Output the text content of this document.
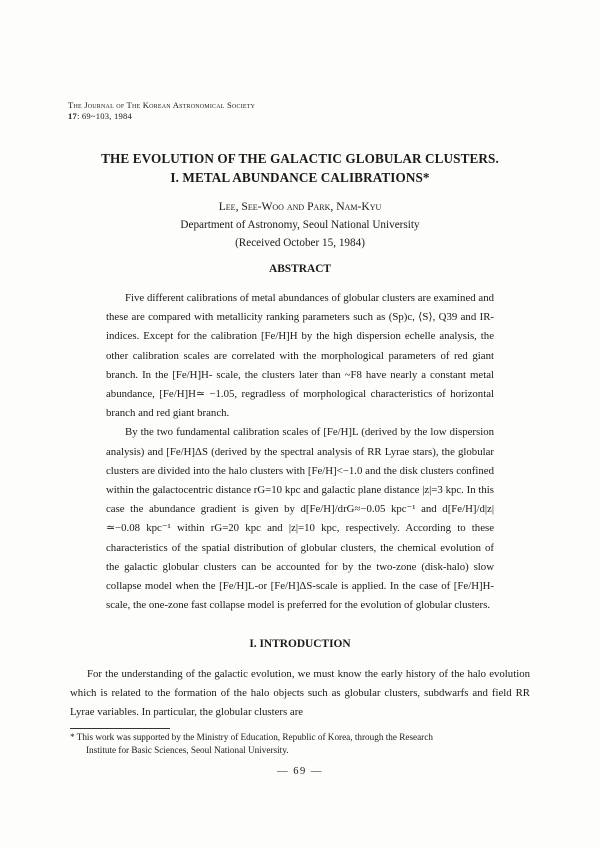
The Journal of The Korean Astronomical Society
17: 69~103, 1984
THE EVOLUTION OF THE GALACTIC GLOBULAR CLUSTERS.
I. METAL ABUNDANCE CALIBRATIONS*
Lee, See-Woo and Park, Nam-Kyu
Department of Astronomy, Seoul National University
(Received October 15, 1984)
ABSTRACT

Five different calibrations of metal abundances of globular clusters are examined and these are compared with metallicity ranking parameters such as (Sp)c, ⟨S⟩, Q39 and IR-indices. Except for the calibration [Fe/H]H by the high dispersion echelle analysis, the other calibration scales are correlated with the morphological parameters of red giant branch. In the [Fe/H]H- scale, the clusters later than ~F8 have nearly a constant metal abundance, [Fe/H]H≃ −1.05, regradless of morphological characteristics of horizontal branch and red giant branch.

By the two fundamental calibration scales of [Fe/H]L (derived by the low dispersion analysis) and [Fe/H]ΔS (derived by the spectral analysis of RR Lyrae stars), the globular clusters are divided into the halo clusters with [Fe/H]<−1.0 and the disk clusters confined within the galactocentric distance rG=10 kpc and galactic plane distance |z|=3 kpc. In this case the abundance gradient is given by d[Fe/H]/drG≈−0.05 kpc⁻¹ and d[Fe/H]/d|z|≃−0.08 kpc⁻¹ within rG=20 kpc and |z|=10 kpc, respectively. According to these characteristics of the spatial distribution of globular clusters, the chemical evolution of the galactic globular clusters can be accounted for by the two-zone (disk-halo) slow collapse model when the [Fe/H]L-or [Fe/H]ΔS-scale is applied. In the case of [Fe/H]H-scale, the one-zone fast collapse model is preferred for the evolution of globular clusters.

I. INTRODUCTION

For the understanding of the galactic evolution, we must know the early history of the halo evolution which is related to the formation of the halo objects such as globular clusters, subdwarfs and field RR Lyrae variables. In particular, the globular clusters are

* This work was supported by the Ministry of Education, Republic of Korea, through the Research
Institute for Basic Sciences, Seoul National University.
— 69 —
